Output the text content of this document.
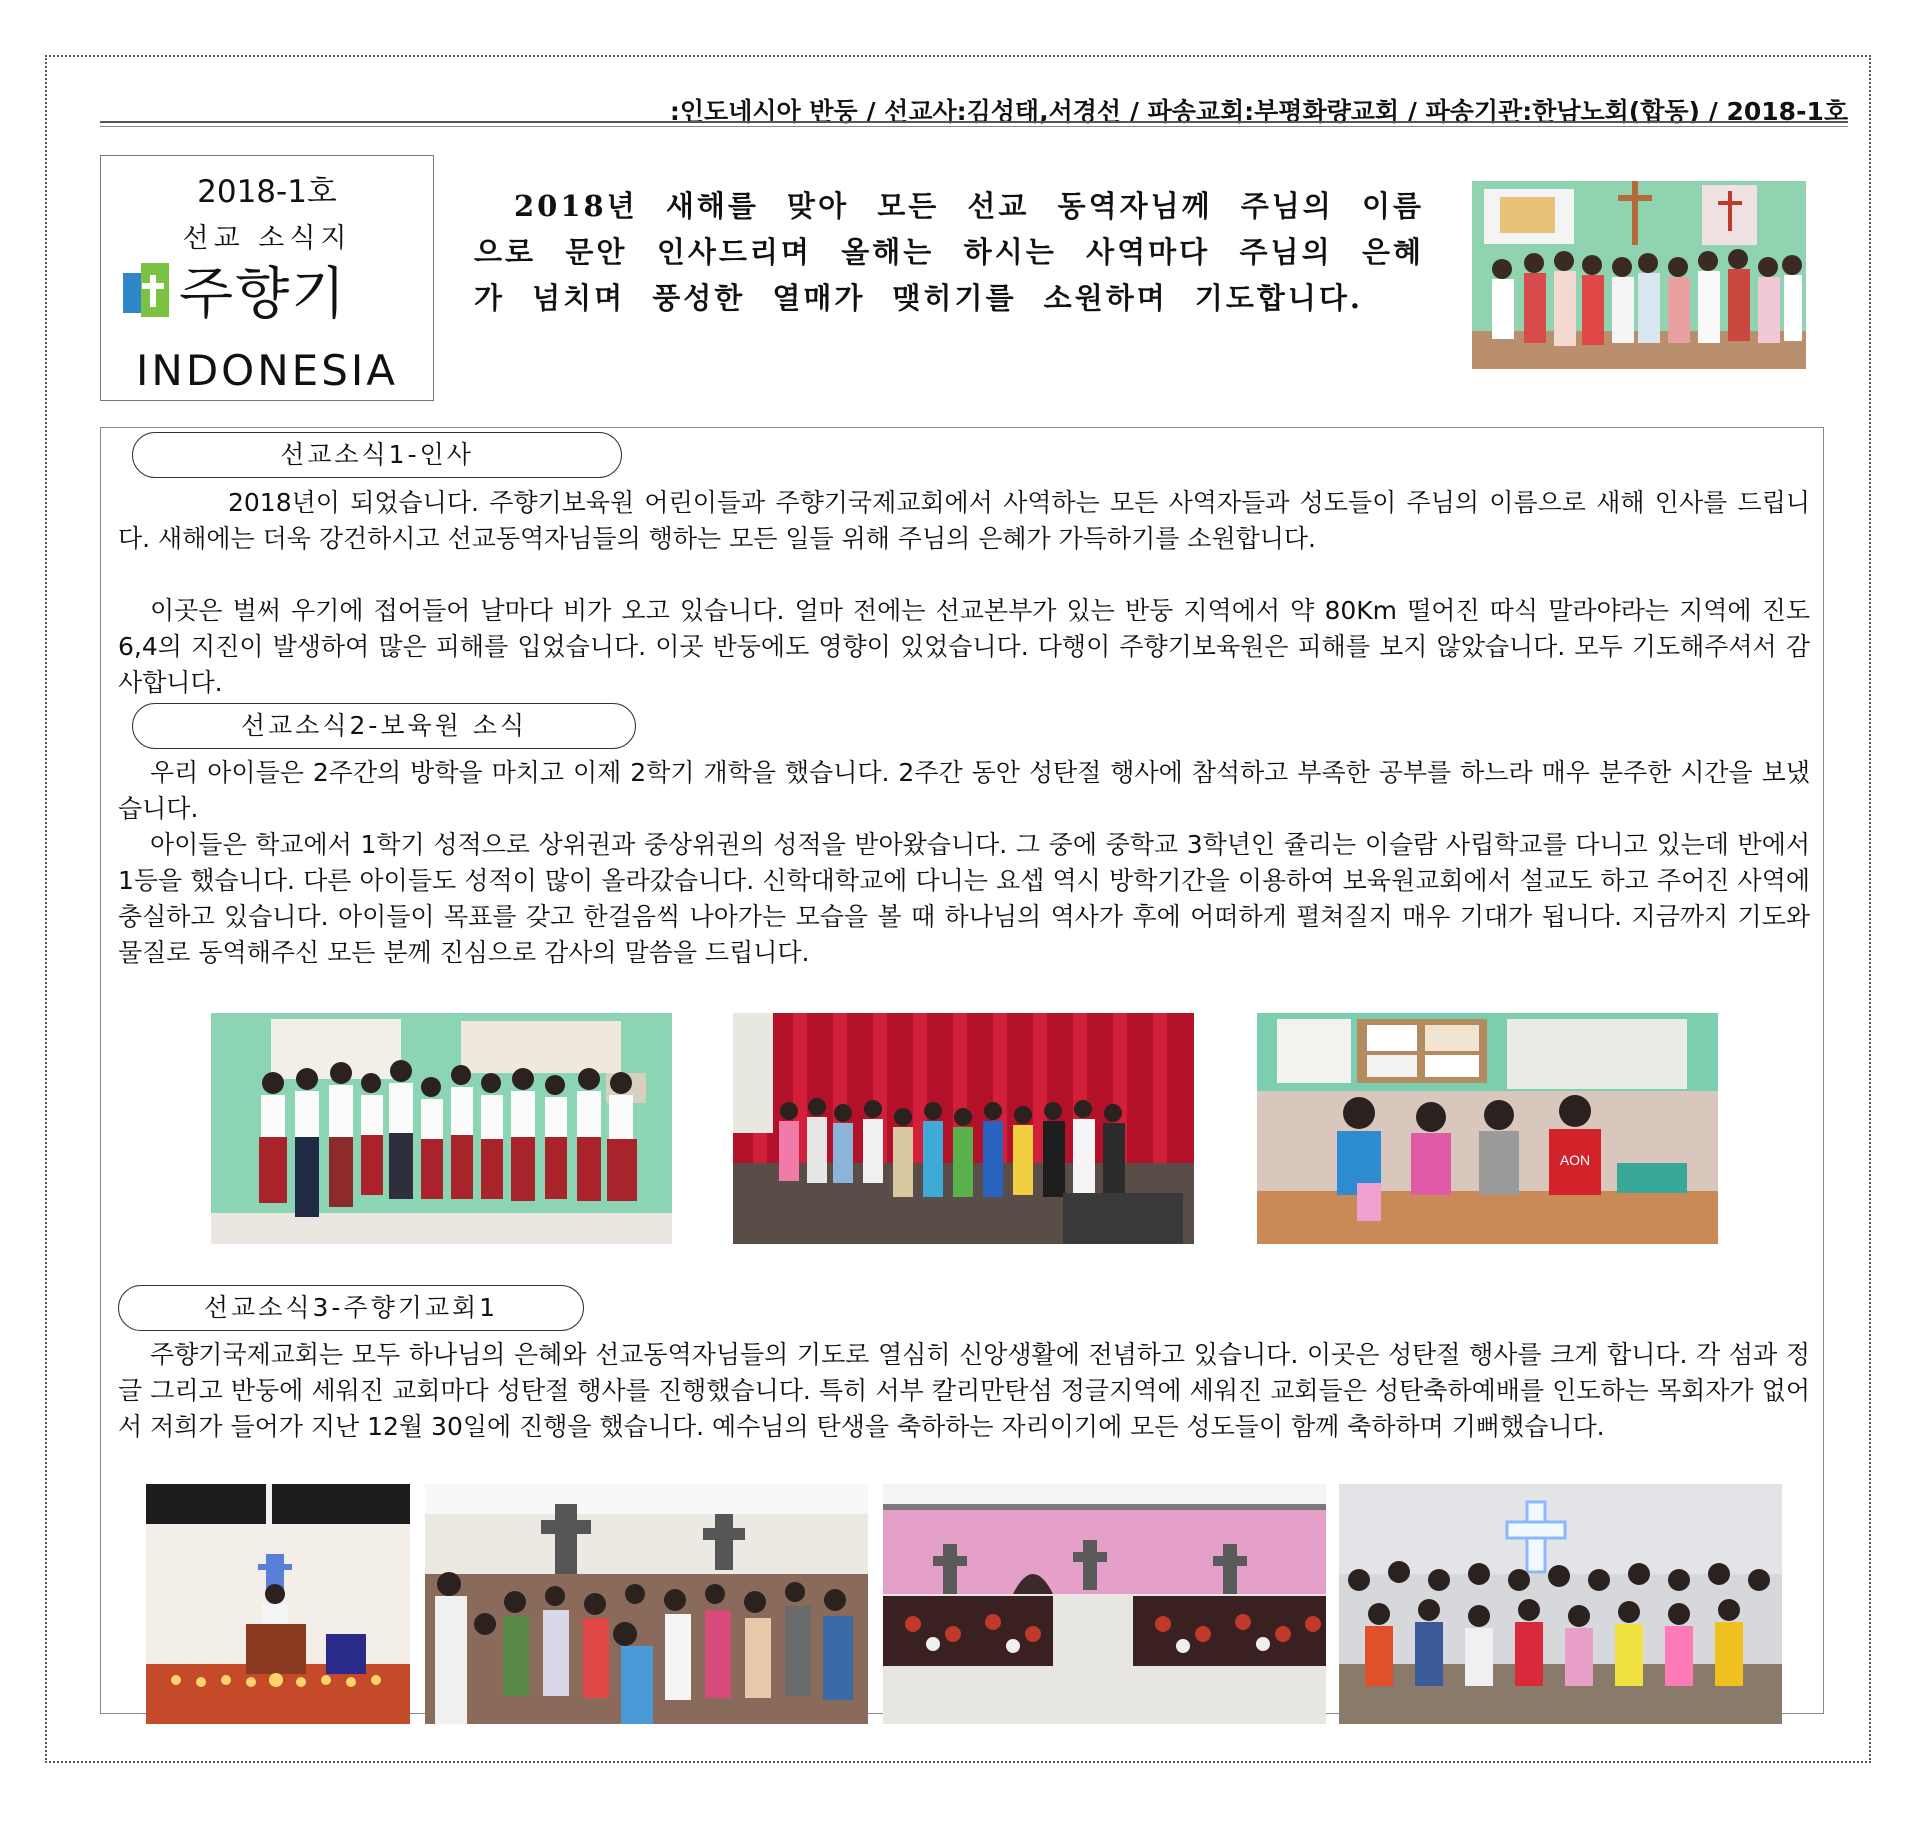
:인도네시아 반둥 / 선교사:김성태,서경선 / 파송교회:부평화량교회 / 파송기관:한남노회(합동) / 2018-1호
2018-1호
선교 소식지
주향기
INDONESIA

2018년 새해를 맞아 모든 선교 동역자님께 주님의 이름으로 문안 인사드리며 올해는 하시는 사역마다 주님의 은혜가 넘치며 풍성한 열매가 맺히기를 소원하며 기도합니다.

선교소식1-인사

2018년이 되었습니다. 주향기보육원 어린이들과 주향기국제교회에서 사역하는 모든 사역자들과 성도들이 주님의 이름으로 새해 인사를 드립니다. 새해에는 더욱 강건하시고 선교동역자님들의 행하는 모든 일들 위해 주님의 은혜가 가득하기를 소원합니다.

이곳은 벌써 우기에 접어들어 날마다 비가 오고 있습니다. 얼마 전에는 선교본부가 있는 반둥 지역에서 약 80Km 떨어진 따식 말라야라는 지역에 진도 6,4의 지진이 발생하여 많은 피해를 입었습니다. 이곳 반둥에도 영향이 있었습니다. 다행이 주향기보육원은 피해를 보지 않았습니다. 모두 기도해주셔서 감사합니다.

선교소식2-보육원 소식

우리 아이들은 2주간의 방학을 마치고 이제 2학기 개학을 했습니다. 2주간 동안 성탄절 행사에 참석하고 부족한 공부를 하느라 매우 분주한 시간을 보냈습니다.

아이들은 학교에서 1학기 성적으로 상위권과 중상위권의 성적을 받아왔습니다. 그 중에 중학교 3학년인 쥴리는 이슬람 사립학교를 다니고 있는데 반에서 1등을 했습니다. 다른 아이들도 성적이 많이 올라갔습니다. 신학대학교에 다니는 요셉 역시 방학기간을 이용하여 보육원교회에서 설교도 하고 주어진 사역에 충실하고 있습니다. 아이들이 목표를 갖고 한걸음씩 나아가는 모습을 볼 때 하나님의 역사가 후에 어떠하게 펼쳐질지 매우 기대가 됩니다. 지금까지 기도와 물질로 동역해주신 모든 분께 진심으로 감사의 말씀을 드립니다.

AON
선교소식3-주향기교회1

주향기국제교회는 모두 하나님의 은혜와 선교동역자님들의 기도로 열심히 신앙생활에 전념하고 있습니다. 이곳은 성탄절 행사를 크게 합니다. 각 섬과 정글 그리고 반둥에 세워진 교회마다 성탄절 행사를 진행했습니다. 특히 서부 칼리만탄섬 정글지역에 세워진 교회들은 성탄축하예배를 인도하는 목회자가 없어서 저희가 들어가 지난 12월 30일에 진행을 했습니다. 예수님의 탄생을 축하하는 자리이기에 모든 성도들이 함께 축하하며 기뻐했습니다.
